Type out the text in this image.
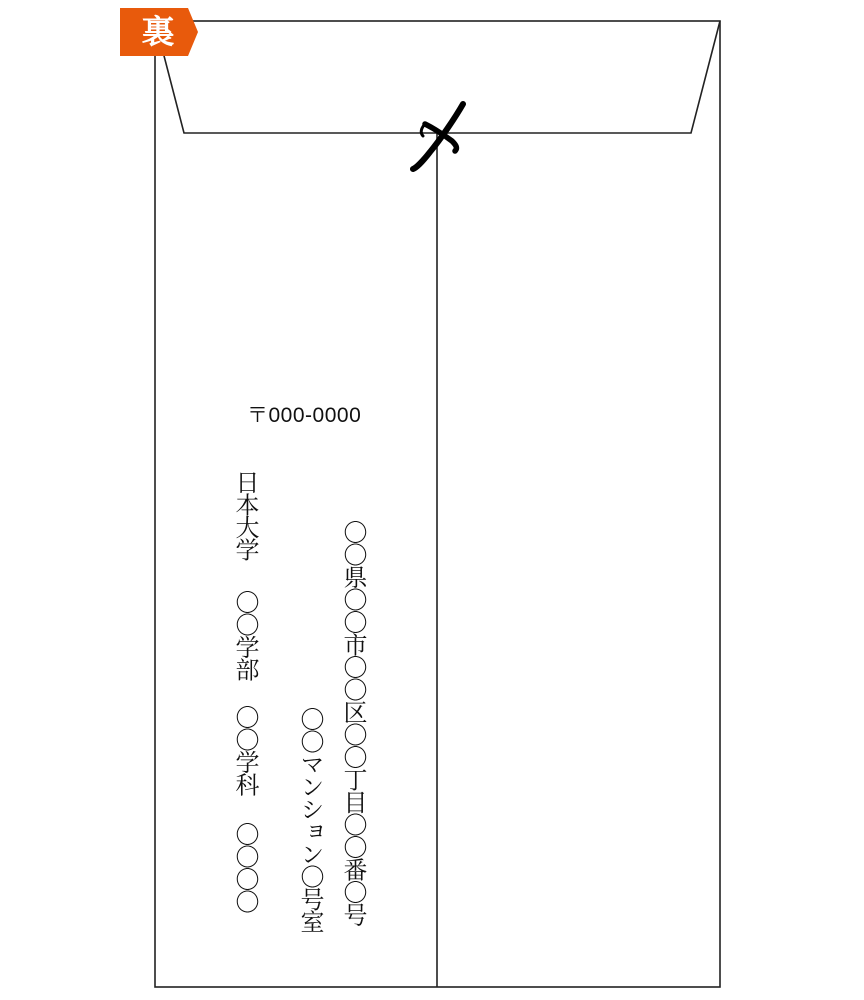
裏
〒000-0000
〇〇県〇〇市〇〇区〇〇丁目〇〇番〇号
〇〇マンション〇号室
日本大学
〇〇学部
〇〇学科
〇〇〇〇
